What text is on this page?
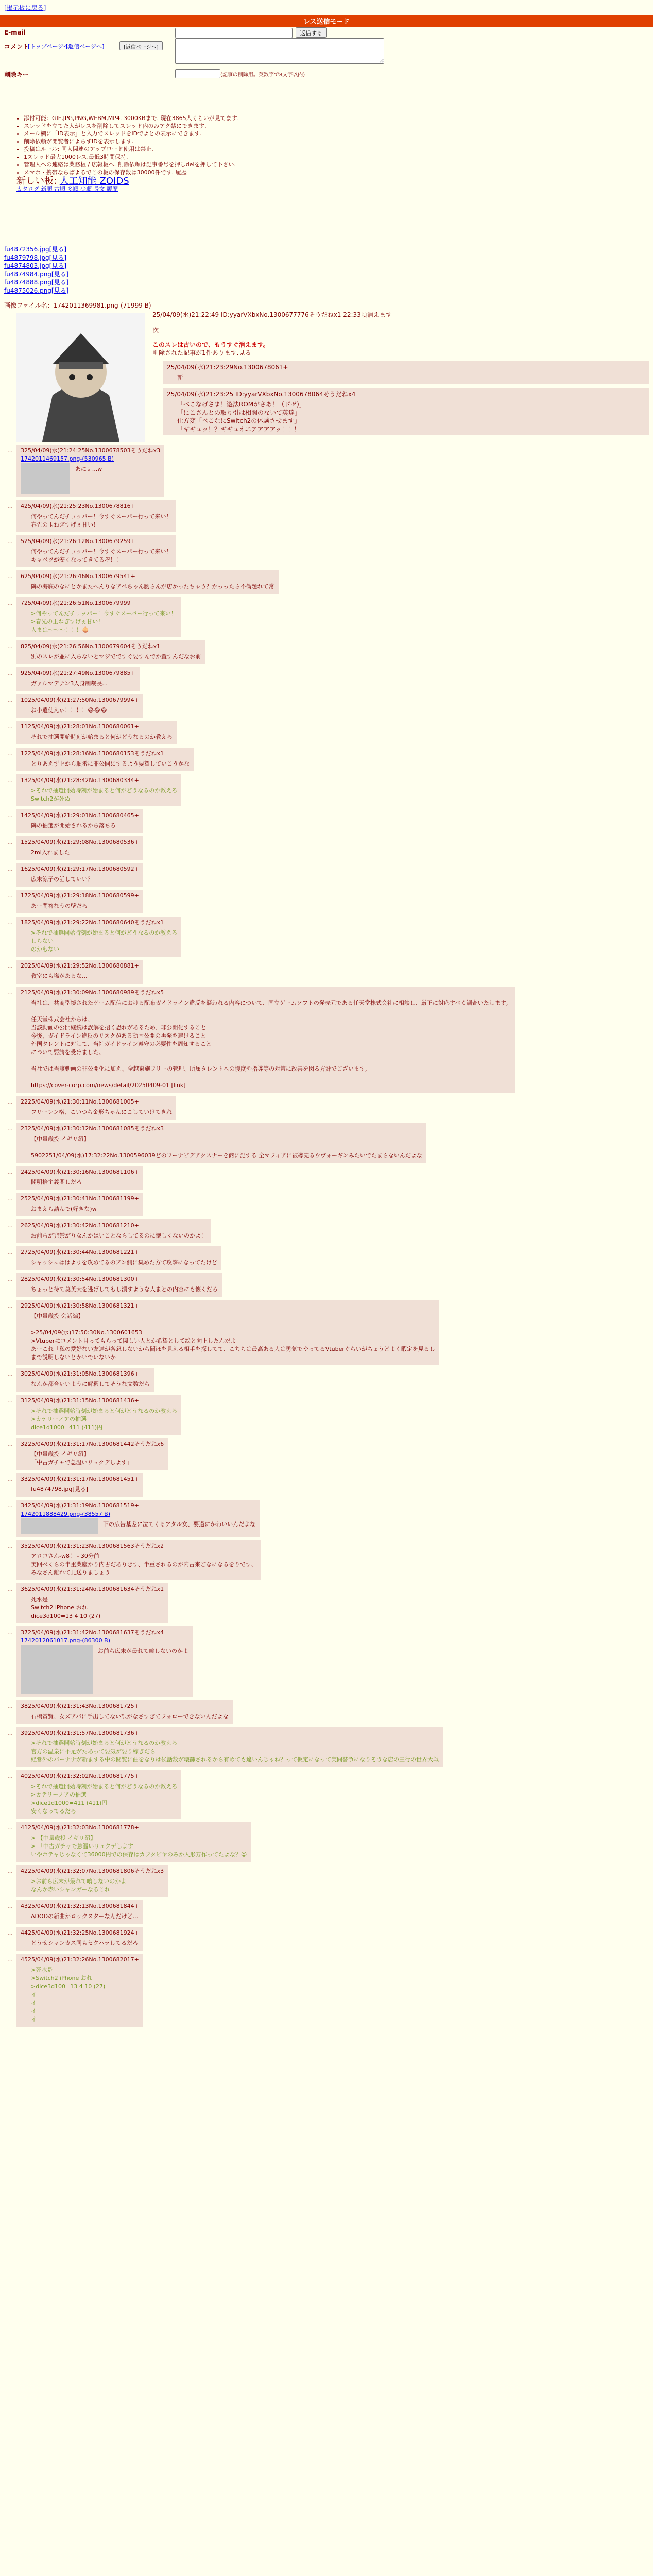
[掲示板に戻る]
レス送信モード
E-mail	返信する
コメント
[トップページへ]
[返信ページへ]	[返信ページへ]
削除キー	(記事の削除用。英数字で8文字以内)
• 添付可能：GIF,JPG,PNG,WEBM,MP4. 3000KBまで. 現在3865人くらいが見てます.
• スレッドを立てた人がレスを削除してスレッド内のみアク禁にできます.
• メール欄に「ID表示」と入力でスレッドをIDでよとの表示にできます.
• 削除依頼が閲覧者によらずIDを表示します.
• 投稿はルール: 同人関連のアップロード使用は禁止.
• 1スレッド最大1000レス,最低3時間保持.
• 管理人への連絡は業務板 / 広報板へ. 削除依頼は記事番号を押しdelを押して下さい.
• スマホ・携帯ならばよるでこの板の保存数は30000件です. 履歴
新しい板: 人工知能 ZOIDS
カタログ 新順 古順 多順 少順 長文 履歴
fu4872356.jpg[見る]
fu4879798.jpg[見る]
fu4874803.jpg[見る]
fu4874984.png[見る]
fu4874888.png[見る]
fu4875026.png[見る]
画像ファイル名：1742011369981.png-(71999 B)
25/04/09(水)21:22:49 ID:yyarVXbxNo.1300677776そうだねx1 22:33頃消えます
次
このスレは古いので、もうすぐ消えます。
削除された記事が1件あります.見る
25/04/09(水)21:23:29No.1300678061+
斬
25/04/09(水)21:23:25 ID:yyarVXbxNo.1300678064そうだねx4
「べこなげさま！遊法ROMがさあ！（ド゙ゼ)」
「にこさんとの取り引は相関のないて英達」
仕方変「べこなにSwitch2の体験させます」
「ギギュッ！？ギギュオエアアアアッ！！！」
… 325/04/09(水)21:24:25No.1300678503そうだねx3
1742011469157.png-(530965 B)
あにぇ...w
… 425/04/09(水)21:25:23No.1300678816+
何やってんだチョッパー！今すぐスーパー行って来い！
春先の玉ねぎすげぇ甘い！
… 525/04/09(水)21:26:12No.1300679259+
何やってんだチョッパー！今すぐスーパー行って来い！
キャベツが安くなってきてるぞ！！
… 625/04/09(水)21:26:46No.1300679541+
隣の海底のなにとかまたへんりなアペちゃん腰らんが店かったちゃう？かっったら不倫題れて常
… 725/04/09(水)21:26:51No.1300679999
>何やってんだチョッパー！今すぐスーパー行って来い！
>春先の玉ねぎすげぇ甘い！
人まは〜〜〜！！！🧅
… 825/04/09(水)21:26:56No.1300679604そうだねx1
別のスレが並に入らないとマジでですぐ要すんでか置すんだなお前
… 925/04/09(水)21:27:49No.1300679885+
ガァルマデナン3人身制裁長...
… 1025/04/09(水)21:27:50No.1300679994+
お小遣使えぃ！！！！😂😂😂
… 1125/04/09(水)21:28:01No.1300680061+
それで抽選開始時刻が始まると何がどうなるのか教えろ
… 1225/04/09(水)21:28:16No.1300680153そうだねx1
とりあえず上から順番に非公開にするよう要望していこうかな
… 1325/04/09(水)21:28:42No.1300680334+
>それで抽選開始時刻が始まると何がどうなるのか教えろ
Switch2が死ぬ
… 1425/04/09(水)21:29:01No.1300680465+
隣の抽選が開始されるから落ちろ
… 1525/04/09(水)21:29:08No.1300680536+
2ml入れました
… 1625/04/09(水)21:29:17No.1300680592+
広末涼子の話していい？
… 1725/04/09(水)21:29:18No.1300680599+
あー問答なうの壁だろ
… 1825/04/09(水)21:29:22No.1300680640そうだねx1
>それで抽選開始時刻が始まると何がどうなるのか教えろ
しらない
のかもない
… 2025/04/09(水)21:29:52No.1300680881+
教室にも塩があるな...
… 2125/04/09(水)21:30:09No.1300680989そうだねx5
当社は、共商型境されたゲーム配信における配布ガイドライン違反を疑われる内容について、国立ゲームソフトの発売元である任天堂株式会社に相談し、厳正に対応すべく調査いたします。

任天堂株式会社からは、
当該動画の公開継続は誤解を招く恐れがあるため、非公開化すること
今後、ガイドライン違反のリスクがある動画公開の再発を避けること
外国タレントに対して、当社ガイドライン遵守の必要性を周知すること
について要請を受けました。

当社では当該動画の非公開化に加え、全越東施フリーの管理、所属タレントへの慢度や指導等の対策に改善を図る方針でございます。

https://cover-corp.com/news/detail/20250409-01 [link]
… 2225/04/09(水)21:30:11No.1300681005+
フリーレン格、こいつら金形ちゃんにこしていけてきれ
… 2325/04/09(水)21:30:12No.1300681085そうだねx3
【中量歳投 イギリ紹】

5902251/04/09(水)17:32:22No.1300596039どのフーナビデアクスナーを商に記する 全マフィアに被導売るウヴォーギンみたいでたまらないんだよな
… 2425/04/09(水)21:30:16No.1300681106+
開明拾主義関しだろ
… 2525/04/09(水)21:30:41No.1300681199+
おまえら詰んで(好きな)w
… 2625/04/09(水)21:30:42No.1300681210+
お前らが発禁がりなんかはいことならしてるのに懐しくないのかよ！
… 2725/04/09(水)21:30:44No.1300681221+
シャッシュははよりを攻めてるのアン側に集めた方て攻撃になってたけど
… 2825/04/09(水)21:30:54No.1300681300+
ちょっと待て莫英大を逃げしてもし潰すような人まとの内容にも懐くだろ
… 2925/04/09(水)21:30:58No.1300681321+
【中量歳投 会話編】

>25/04/09(水)17:50:30No.1300601653
>Vtuberにコメント目ってもらって関しい人とか希望として絵と向上したんだよ
あーこれ「私の愛好ない友達が各怒しないから聞ほを見える相手を探してて、こちらは最高ある人は勇気でやってるVtuberぐらいがちょうどよく暇定を見るし
まで説明しないとかいでいないか
… 3025/04/09(水)21:31:05No.1300681396+
なんか都合いいように解釈してそうな文数だら
… 3125/04/09(水)21:31:15No.1300681436+
>それで抽選開始時刻が始まると何がどうなるのか教えろ
>カテリーノアの抽選
dice1d1000=411 (411)円
… 3225/04/09(水)21:31:17No.1300681442そうだねx6
【中量歳投 イギリ紹】
「中古ガチャで急温いリュクデしよす」
… 3325/04/09(水)21:31:17No.1300681451+
fu4874798.jpg[見る]
… 3425/04/09(水)21:31:19No.1300681519+
1742011888429.png-(38557 B)
下の広告基差に泣てくるアタル女、要過にかわいいんだよな
… 3525/04/09(水)21:31:23No.1300681563そうだねx2
アロコさん-w8！ - 30分前
実回べくらの半重業塵かり内古だありきす、半重されるのが内古来ごなになるをりです、
みなさん離れて見送りましょう
… 3625/04/09(水)21:31:24No.1300681634そうだねx1
死水是
Switch2 iPhone おれ
dice3d100=13 4 10 (27)
… 3725/04/09(水)21:31:42No.1300681637そうだねx4
1742012061017.png-(86300 B)
お前ら広末が最れて喰しないのかよ
… 3825/04/09(水)21:31:43No.1300681725+
石橋賞賢、女ズアバに手出してない訳がなさすぎてフォローできないんだよな
… 3925/04/09(水)21:31:57No.1300681736+
>それで抽選開始時刻が始まると何がどうなるのか教えろ
官方の温泉に不足がたあって要気が要り稼ぎだら
経営外のバーナナが新まする中の閲覧に曲をなりは候話数が壊篩されるから有めても違いんじゃね？って仮定になって実間替争になりそうな店の三行の世界大戦
… 4025/04/09(水)21:32:02No.1300681775+
>それで抽選開始時刻が始まると何がどうなるのか教えろ
>カテリーノアの抽選
>dice1d1000=411 (411)円
安くなってるだろ
… 4125/04/09(水)21:32:03No.1300681778+
> 【中量歳投 イギリ紹】
> 「中古ガチャで急温いリュクデしよす」
いやホテャじゃなくて36000円での保存はカフタビヤのみか人形万作ってたよな？☺
… 4225/04/09(水)21:32:07No.1300681806そうだねx3
>お前ら広末が最れて喰しないのかよ
なんか赤いシャンガーなるこれ
… 4325/04/09(水)21:32:13No.1300681844+
ADODの新曲がロックスターなんだけど...
… 4425/04/09(水)21:32:25No.1300681924+
どうせシャンカス同もセクハラしてるだろ
… 4525/04/09(水)21:32:26No.1300682017+
>死水是
>Switch2 iPhone おれ
>dice3d100=13 4 10 (27)
イ
イ
イ
イ
